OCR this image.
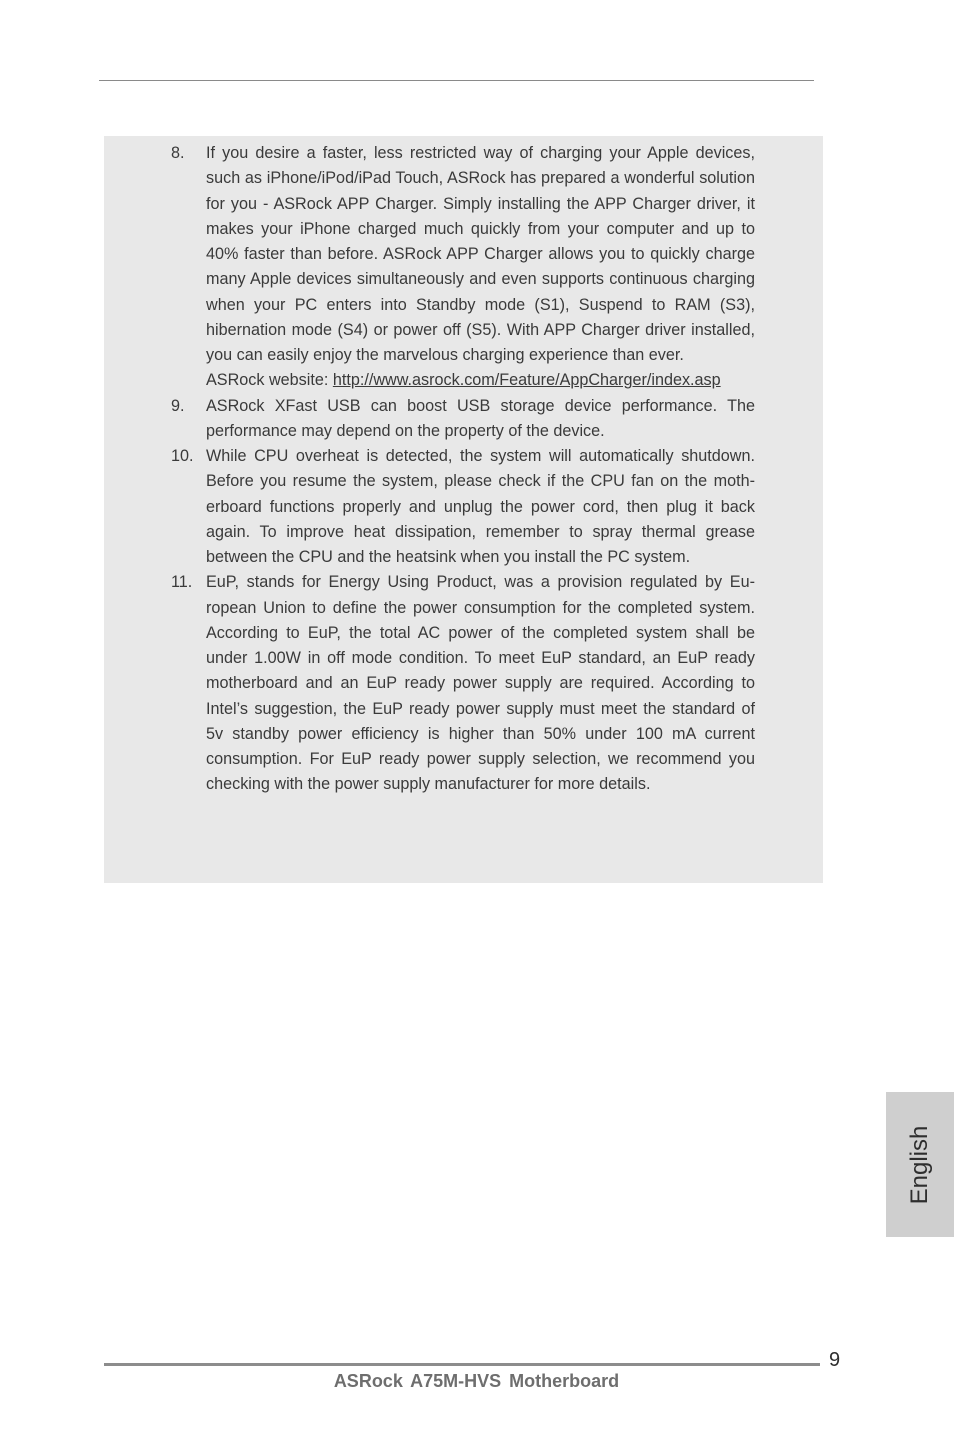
8.	If you desire a faster, less restricted way of charging your Apple devices, such as iPhone/iPod/iPad Touch, ASRock has prepared a wonderful solution for you - ASRock APP Charger. Simply installing the APP Charger driver, it makes your iPhone charged much quickly from your computer and up to 40% faster than before. ASRock APP Charger allows you to quickly charge many Apple devices simultaneously and even supports continuous charging when your PC enters into Standby mode (S1), Suspend to RAM (S3), hibernation mode (S4) or power off (S5). With APP Charger driver installed, you can easily enjoy the marvelous charging experience than ever.

ASRock website: http://www.asrock.com/Feature/AppCharger/index.asp

9.	ASRock XFast USB can boost USB storage device performance. The performance may depend on the property of the device.

10. While CPU overheat is detected, the system will automatically shutdown. Before you resume the system, please check if the CPU fan on the motherboard functions properly and unplug the power cord, then plug it back again. To improve heat dissipation, remember to spray thermal grease between the CPU and the heatsink when you install the PC system.

11. EuP, stands for Energy Using Product, was a provision regulated by European Union to define the power consumption for the completed system. According to EuP, the total AC power of the completed system shall be under 1.00W in off mode condition. To meet EuP standard, an EuP ready motherboard and an EuP ready power supply are required. According to Intel’s suggestion, the EuP ready power supply must meet the standard of 5v standby power efficiency is higher than 50% under 100 mA current consumption. For EuP ready power supply selection, we recommend you checking with the power supply manufacturer for more details.

English
9
ASRock A75M-HVS Motherboard
